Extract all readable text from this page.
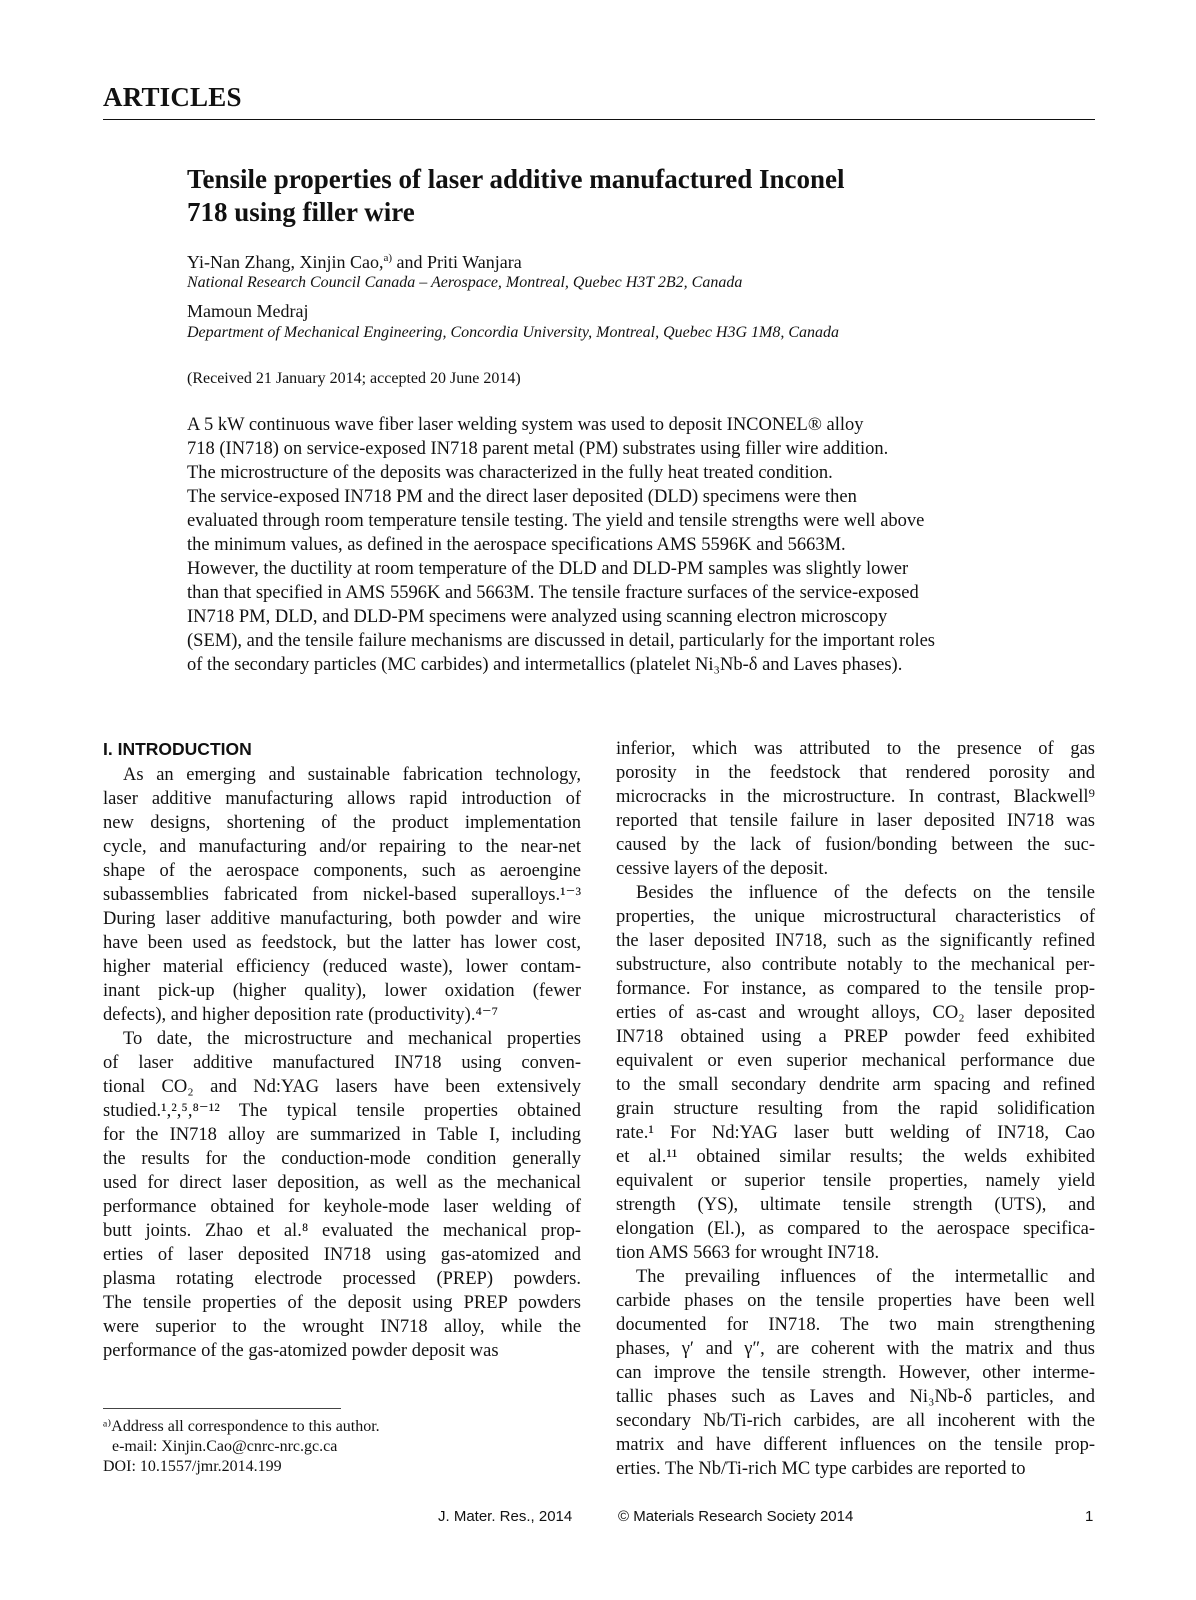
ARTICLES
Tensile properties of laser additive manufactured Inconel
718 using filler wire

Yi-Nan Zhang, Xinjin Cao,$^{a)}$ and Priti Wanjara

National Research Council Canada – Aerospace, Montreal, Quebec H3T 2B2, Canada

Mamoun Medraj

Department of Mechanical Engineering, Concordia University, Montreal, Quebec H3G 1M8, Canada

(Received 21 January 2014; accepted 20 June 2014)

A 5 kW continuous wave fiber laser welding system was used to deposit INCONEL® alloy
718 (IN718) on service-exposed IN718 parent metal (PM) substrates using filler wire addition.
The microstructure of the deposits was characterized in the fully heat treated condition.
The service-exposed IN718 PM and the direct laser deposited (DLD) specimens were then
evaluated through room temperature tensile testing. The yield and tensile strengths were well above
the minimum values, as defined in the aerospace specifications AMS 5596K and 5663M.
However, the ductility at room temperature of the DLD and DLD-PM samples was slightly lower
than that specified in AMS 5596K and 5663M. The tensile fracture surfaces of the service-exposed
IN718 PM, DLD, and DLD-PM specimens were analyzed using scanning electron microscopy
(SEM), and the tensile failure mechanisms are discussed in detail, particularly for the important roles
of the secondary particles (MC carbides) and intermetallics (platelet Ni₃Nb-δ and Laves phases).
I. INTRODUCTION
As an emerging and sustainable fabrication technology,
laser additive manufacturing allows rapid introduction of
new designs, shortening of the product implementation
cycle, and manufacturing and/or repairing to the near-net
shape of the aerospace components, such as aeroengine
subassemblies fabricated from nickel-based superalloys.¹⁻³
During laser additive manufacturing, both powder and wire
have been used as feedstock, but the latter has lower cost,
higher material efficiency (reduced waste), lower contam-
inant pick-up (higher quality), lower oxidation (fewer
defects), and higher deposition rate (productivity).⁴⁻⁷
To date, the microstructure and mechanical properties
of laser additive manufactured IN718 using conven-
tional CO₂ and Nd:YAG lasers have been extensively
studied.¹,²,⁵,⁸⁻¹² The typical tensile properties obtained
for the IN718 alloy are summarized in Table I, including
the results for the conduction-mode condition generally
used for direct laser deposition, as well as the mechanical
performance obtained for keyhole-mode laser welding of
butt joints. Zhao et al.⁸ evaluated the mechanical prop-
erties of laser deposited IN718 using gas-atomized and
plasma rotating electrode processed (PREP) powders.
The tensile properties of the deposit using PREP powders
were superior to the wrought IN718 alloy, while the
performance of the gas-atomized powder deposit was
inferior, which was attributed to the presence of gas
porosity in the feedstock that rendered porosity and
microcracks in the microstructure. In contrast, Blackwell⁹
reported that tensile failure in laser deposited IN718 was
caused by the lack of fusion/bonding between the suc-
cessive layers of the deposit.
Besides the influence of the defects on the tensile
properties, the unique microstructural characteristics of
the laser deposited IN718, such as the significantly refined
substructure, also contribute notably to the mechanical per-
formance. For instance, as compared to the tensile prop-
erties of as-cast and wrought alloys, CO₂ laser deposited
IN718 obtained using a PREP powder feed exhibited
equivalent or even superior mechanical performance due
to the small secondary dendrite arm spacing and refined
grain structure resulting from the rapid solidification
rate.¹ For Nd:YAG laser butt welding of IN718, Cao
et al.¹¹ obtained similar results; the welds exhibited
equivalent or superior tensile properties, namely yield
strength (YS), ultimate tensile strength (UTS), and
elongation (El.), as compared to the aerospace specifica-
tion AMS 5663 for wrought IN718.
The prevailing influences of the intermetallic and
carbide phases on the tensile properties have been well
documented for IN718. The two main strengthening
phases, γ′ and γ″, are coherent with the matrix and thus
can improve the tensile strength. However, other interme-
tallic phases such as Laves and Ni₃Nb-δ particles, and
secondary Nb/Ti-rich carbides, are all incoherent with the
matrix and have different influences on the tensile prop-
erties. The Nb/Ti-rich MC type carbides are reported to
ᵃ⁾Address all correspondence to this author.
e-mail: Xinjin.Cao@cnrc-nrc.gc.ca
DOI: 10.1557/jmr.2014.199
J. Mater. Res., 2014	© Materials Research Society 2014	1
